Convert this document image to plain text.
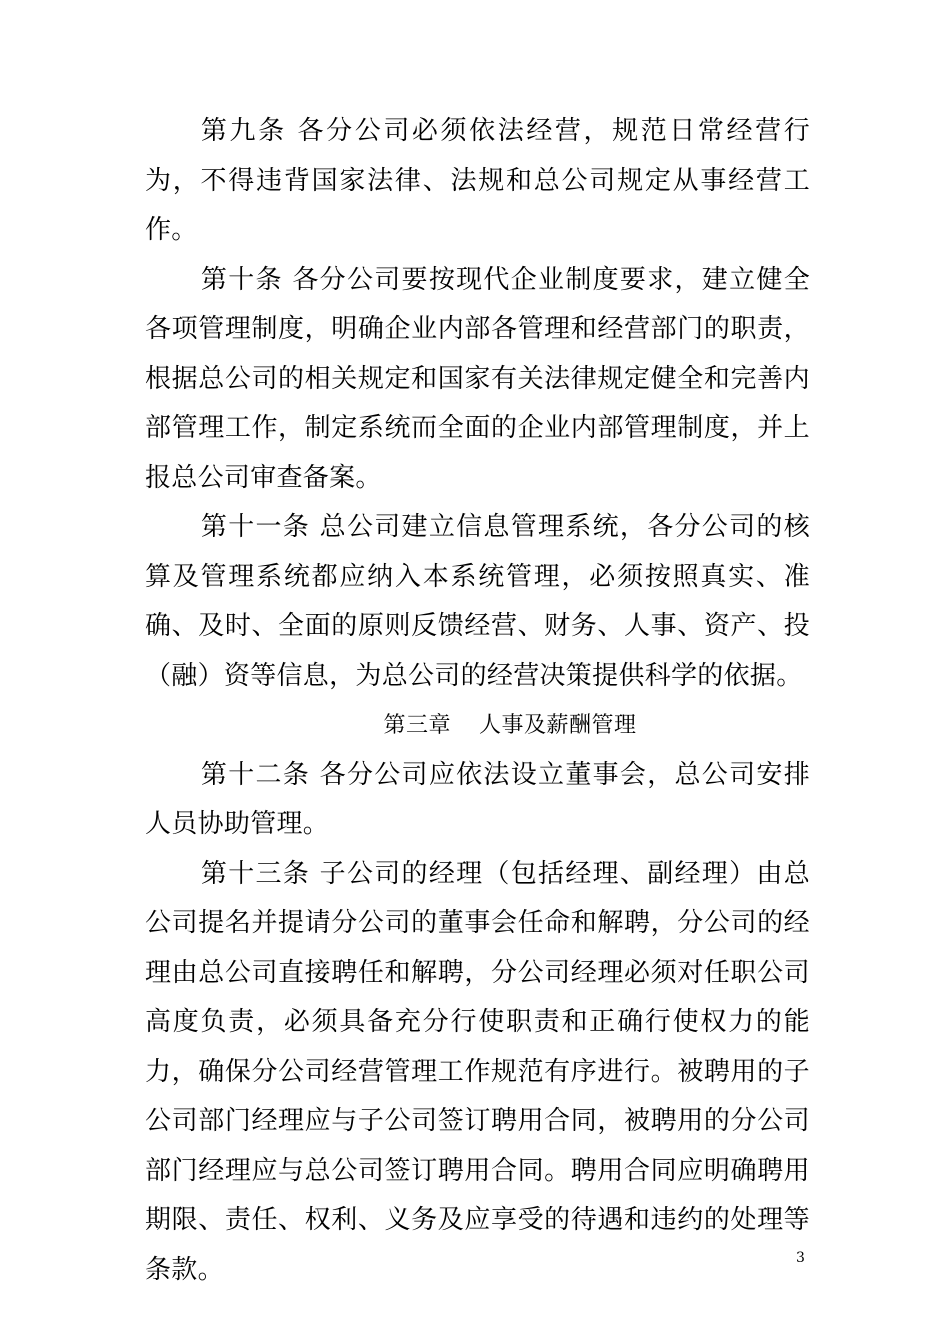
第九条 各分公司必须依法经营，规范日常经营行为，不得违背国家法律、法规和总公司规定从事经营工作。

第十条 各分公司要按现代企业制度要求，建立健全各项管理制度，明确企业内部各管理和经营部门的职责，根据总公司的相关规定和国家有关法律规定健全和完善内部管理工作，制定系统而全面的企业内部管理制度，并上报总公司审查备案。

第十一条 总公司建立信息管理系统，各分公司的核算及管理系统都应纳入本系统管理，必须按照真实、准确、及时、全面的原则反馈经营、财务、人事、资产、投（融）资等信息，为总公司的经营决策提供科学的依据。

第三章 人事及薪酬管理

第十二条 各分公司应依法设立董事会，总公司安排人员协助管理。

第十三条 子公司的经理（包括经理、副经理）由总公司提名并提请分公司的董事会任命和解聘，分公司的经理由总公司直接聘任和解聘，分公司经理必须对任职公司高度负责，必须具备充分行使职责和正确行使权力的能力，确保分公司经营管理工作规范有序进行。被聘用的子公司部门经理应与子公司签订聘用合同，被聘用的分公司部门经理应与总公司签订聘用合同。聘用合同应明确聘用期限、责任、权利、义务及应享受的待遇和违约的处理等条款。	3
